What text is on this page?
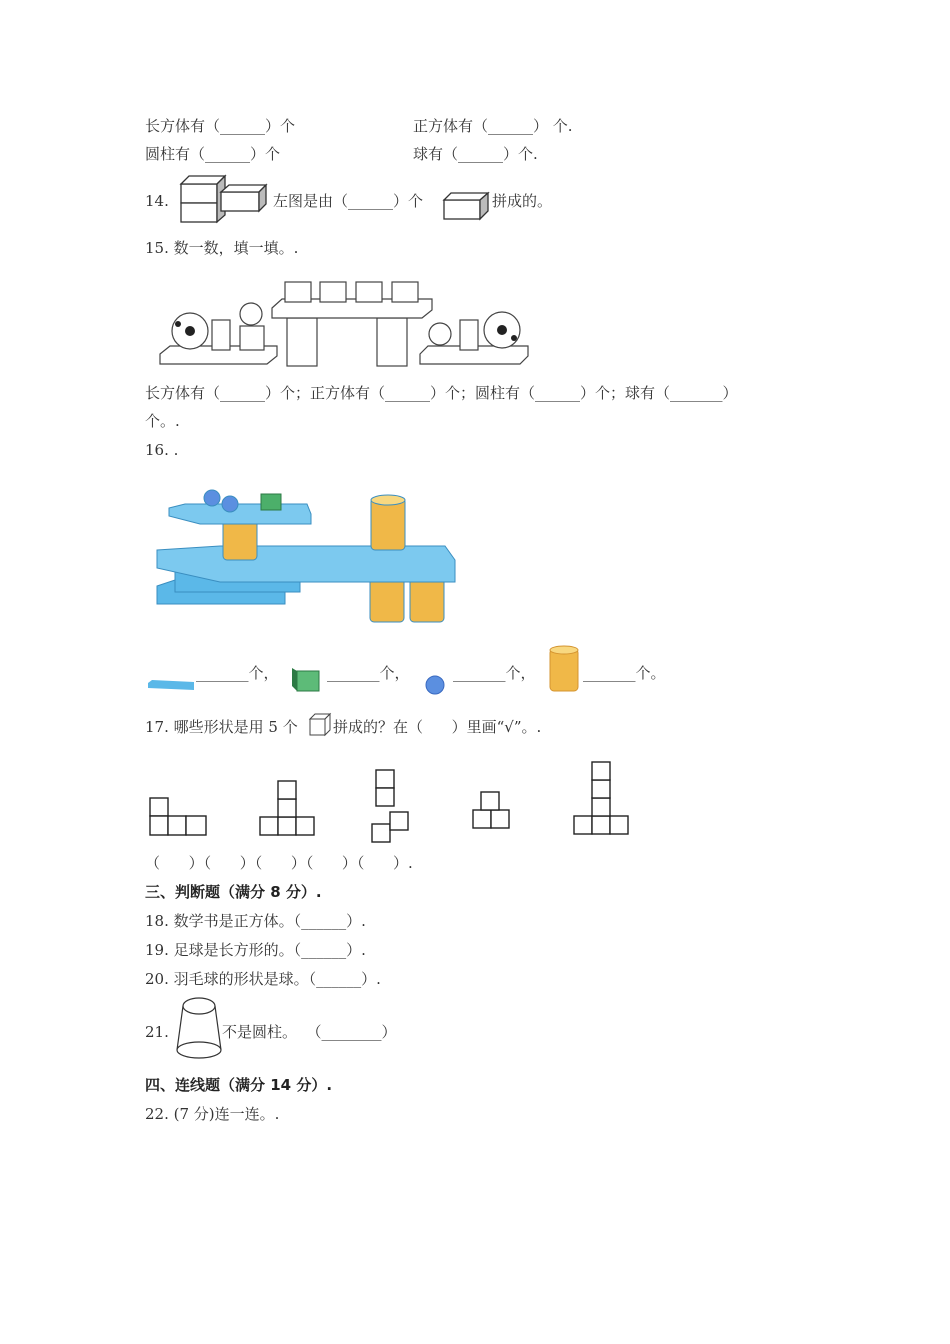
长方体有（______）个	正方体有（______） 个.
圆柱有（______）个	球有（______）个.
14.	左图是由（______）个	拼成的。
15. 数一数，填一填。.
长方体有（______）个；正方体有（______）个；圆柱有（______）个；球有（_______）
个。.
16. .
_______个，	_______个，	_______个，	_______个。
17. 哪些形状是用 5 个 拼成的？在（      ）里画“√”。.
（      ）（      ）（      ）（      ）（      ）.
三、判断题（满分 8 分）.
18. 数学书是正方体。（______）.
19. 足球是长方形的。（______）.
20. 羽毛球的形状是球。（______）.
21.	不是圆柱。  （________）
四、连线题（满分 14 分）.
22. (7 分)连一连。.
